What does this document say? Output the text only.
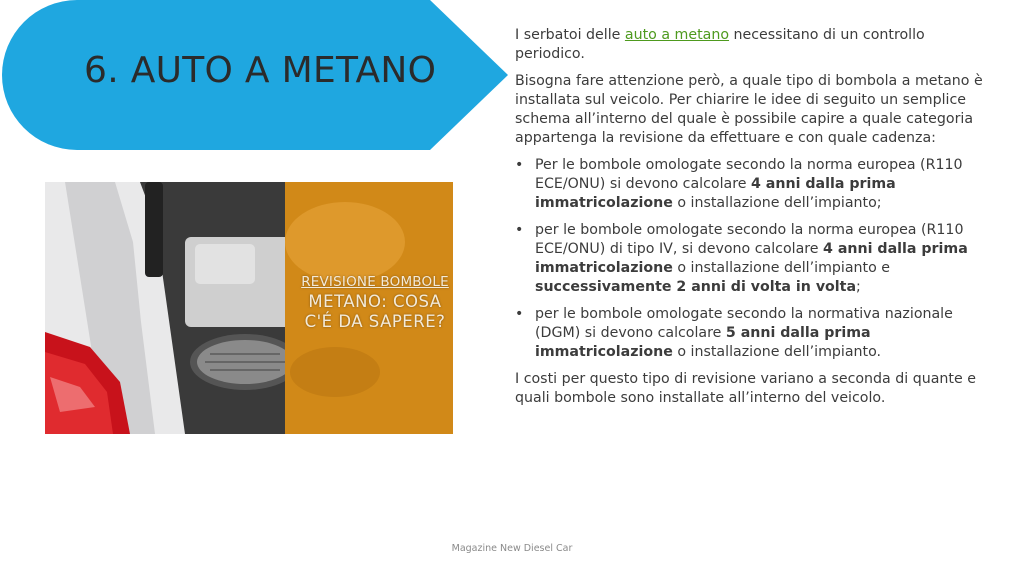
6. AUTO A METANO
REVISIONE BOMBOLE
METANO: COSA
C'É DA SAPERE?

I serbatoi delle auto a metano necessitano di un controllo periodico.

Bisogna fare attenzione però, a quale tipo di bombola a metano è installata sul veicolo. Per chiarire le idee di seguito un semplice schema all’interno del quale è possibile capire a quale categoria appartenga la revisione da effettuare e con quale cadenza:

• Per le bombole omologate secondo la norma europea (R110 ECE/ONU) si devono calcolare 4 anni dalla prima immatricolazione o installazione dell’impianto;
• per le bombole omologate secondo la norma europea (R110 ECE/ONU) di tipo IV, si devono calcolare 4 anni dalla prima immatricolazione o installazione dell’impianto e successivamente 2 anni di volta in volta;
• per le bombole omologate secondo la normativa nazionale (DGM) si devono calcolare 5 anni dalla prima immatricolazione o installazione dell’impianto.

I costi per questo tipo di revisione variano a seconda di quante e quali bombole sono installate all’interno del veicolo.

Magazine New Diesel Car
